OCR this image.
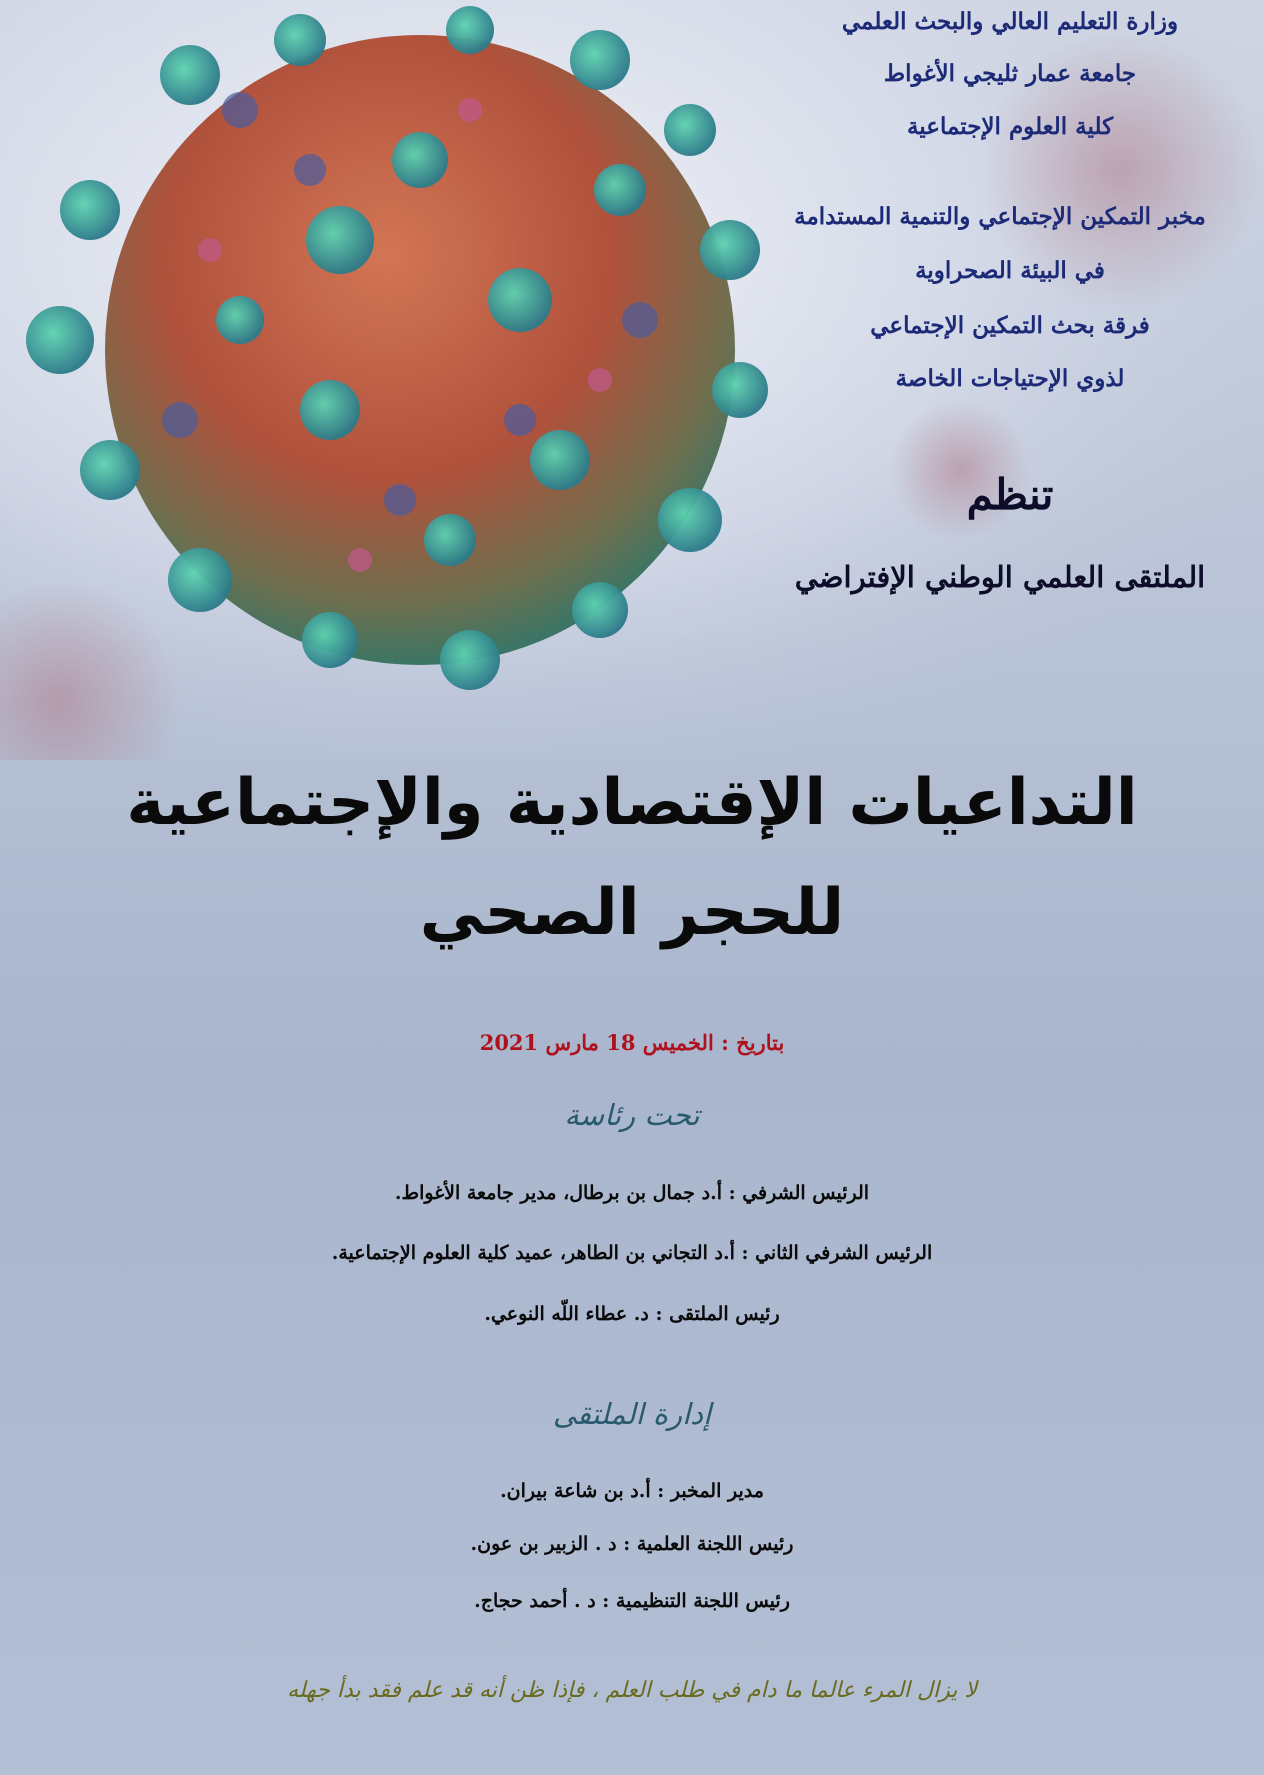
وزارة التعليم العالي والبحث العلمي
جامعة عمار ثليجي الأغواط
كلية العلوم الإجتماعية
مخبر التمكين الإجتماعي والتنمية المستدامة
في البيئة الصحراوية
فرقة بحث التمكين الإجتماعي
لذوي الإحتياجات الخاصة
تنظم
الملتقى العلمي الوطني الإفتراضي
التداعيات الإقتصادية والإجتماعية
للحجر الصحي
بتاريخ : الخميس 18 مارس 2021
تحت رئاسة
الرئيس الشرفي : أ.د جمال بن برطال، مدير جامعة الأغواط.
الرئيس الشرفي الثاني : أ.د التجاني بن الطاهر، عميد كلية العلوم الإجتماعية.
رئيس الملتقى : د. عطاء اللّه النوعي.
إدارة الملتقى
مدير المخبر : أ.د بن شاعة بيران.
رئيس اللجنة العلمية : د . الزبير بن عون.
رئيس اللجنة التنظيمية : د . أحمد حجاج.
لا يزال المرء عالما ما دام في طلب العلم ، فإذا ظن أنه قد علم فقد بدأ جهله
